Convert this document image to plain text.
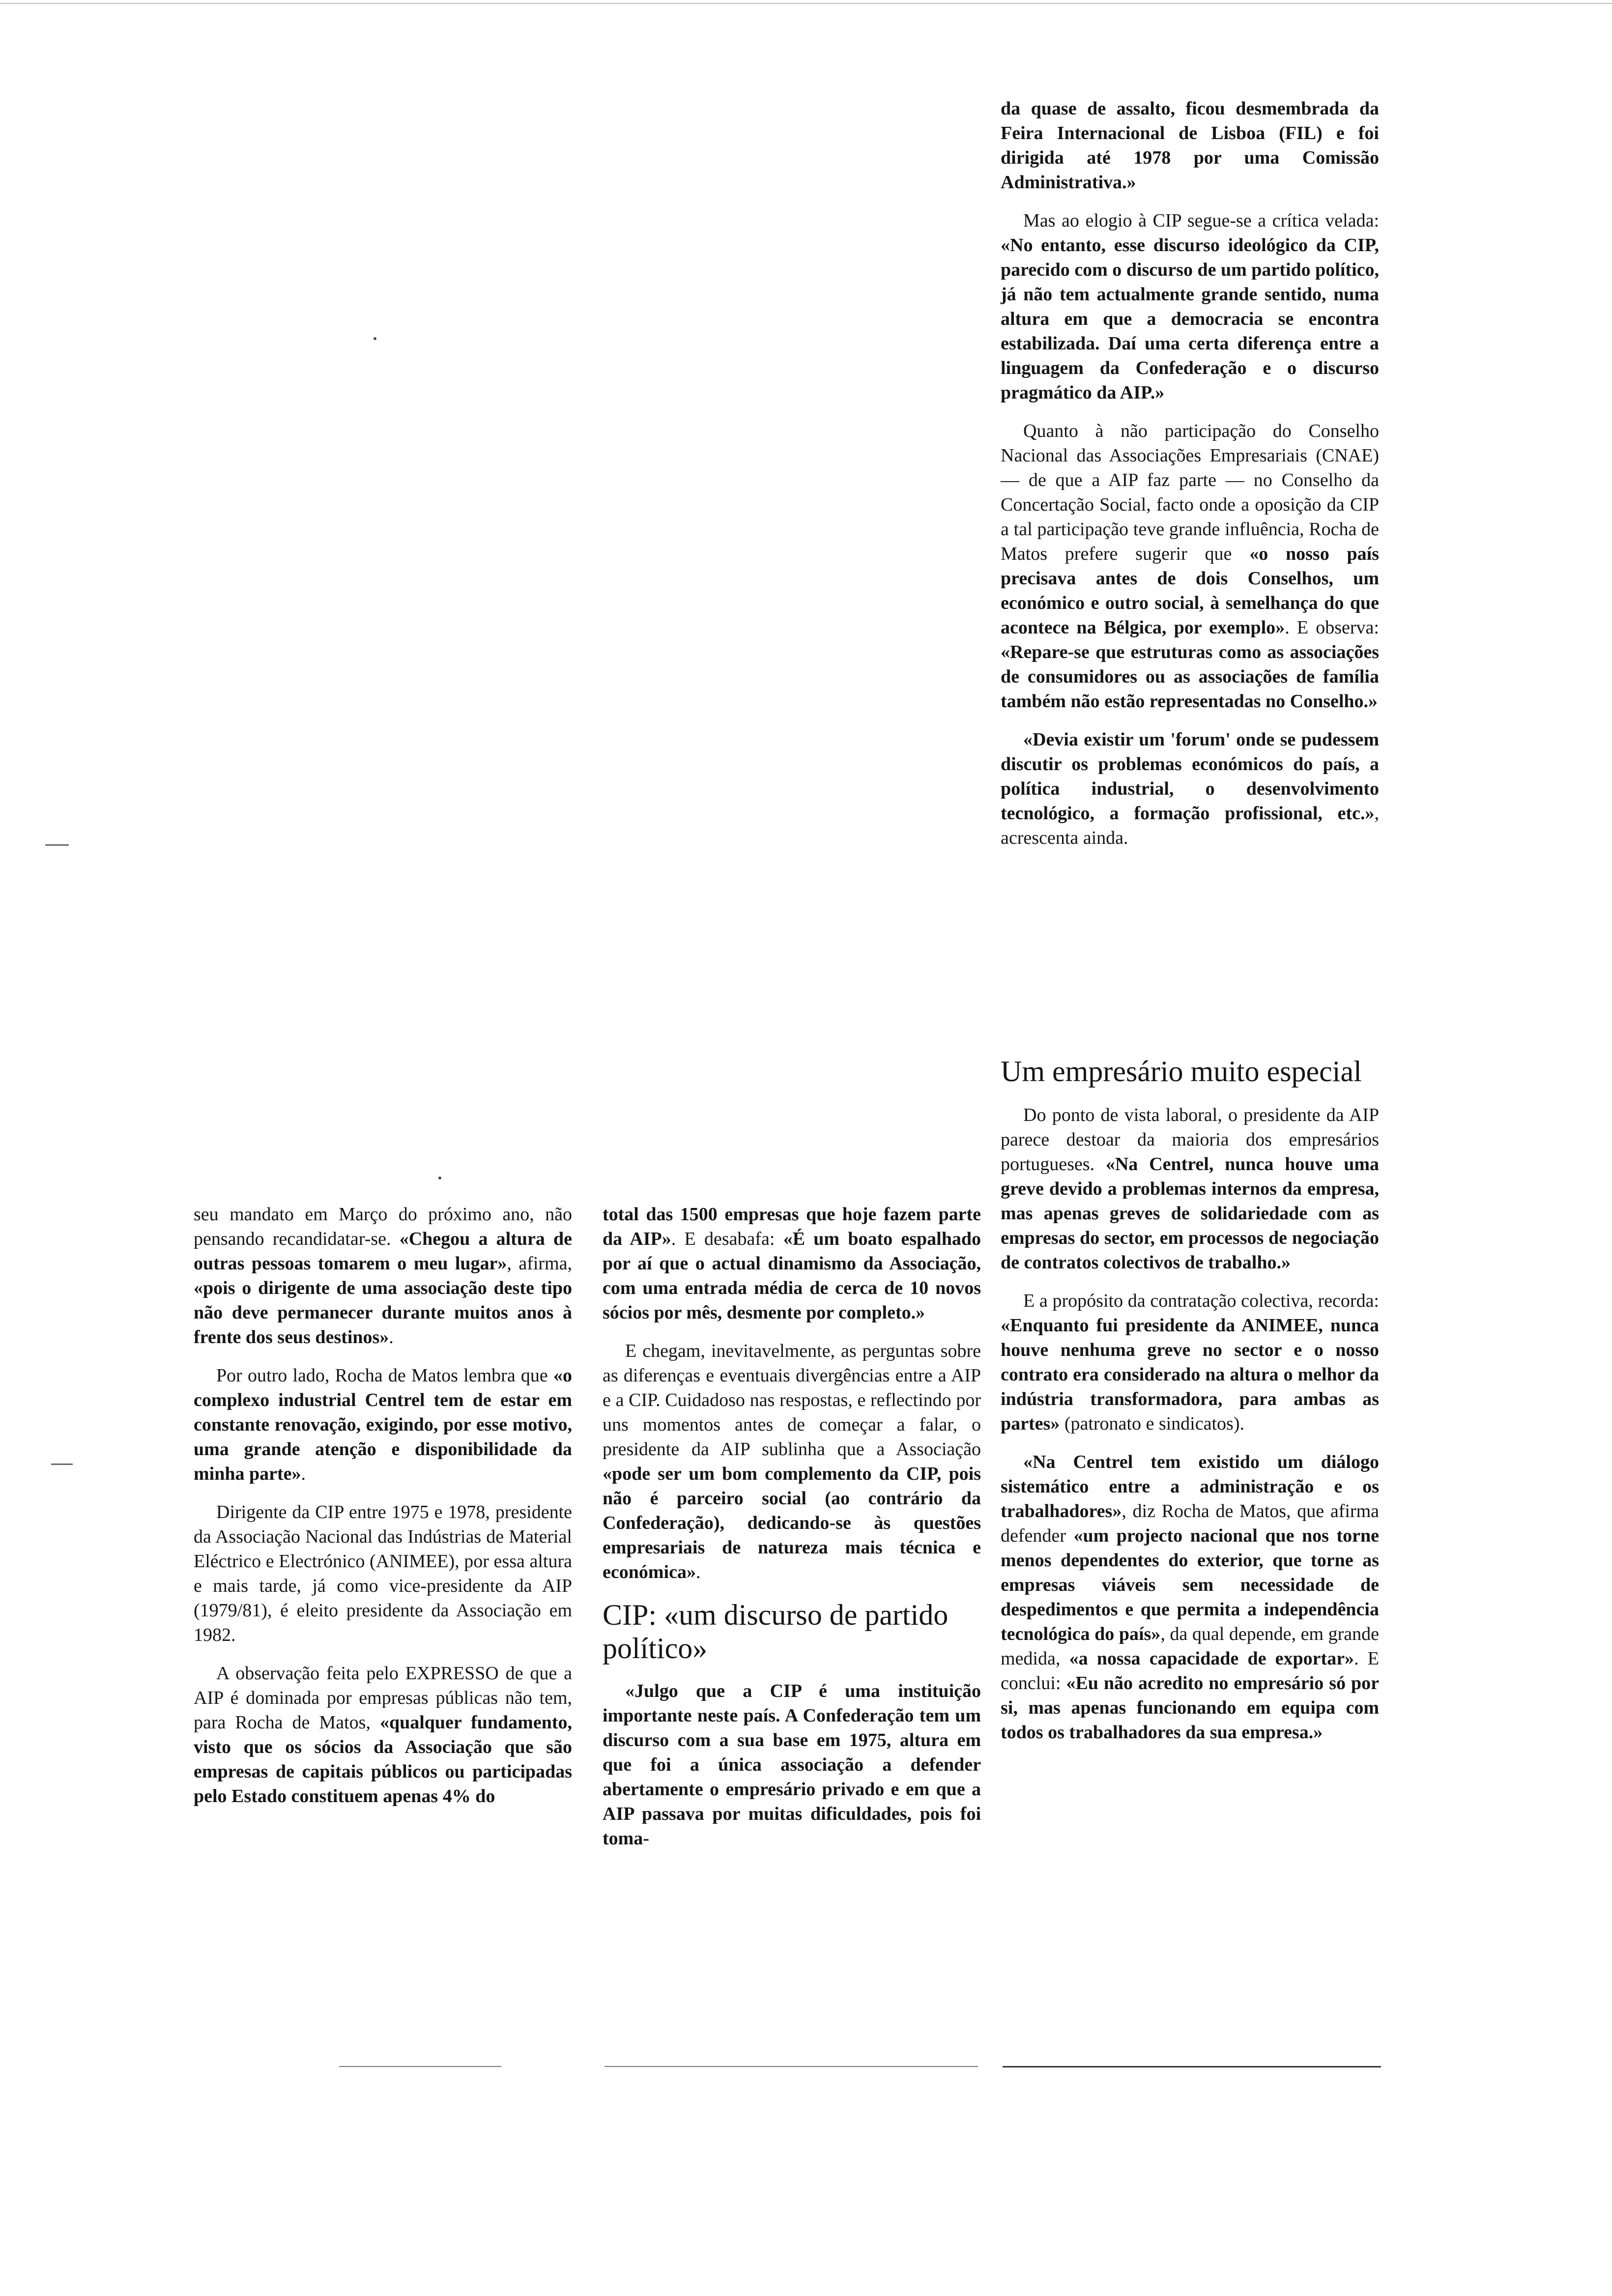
da quase de assalto, ficou desmembrada da Feira Internacional de Lisboa (FIL) e foi dirigida até 1978 por uma Comissão Administrativa.»

Mas ao elogio à CIP segue-se a crítica velada: «No entanto, esse discurso ideológico da CIP, parecido com o discurso de um partido político, já não tem actualmente grande sentido, numa altura em que a democracia se encontra estabilizada. Daí uma certa diferença entre a linguagem da Confederação e o discurso pragmático da AIP.»

Quanto à não participação do Conselho Nacional das Associações Empresariais (CNAE) — de que a AIP faz parte — no Conselho da Concertação Social, facto onde a oposição da CIP a tal participação teve grande influência, Rocha de Matos prefere sugerir que «o nosso país precisava antes de dois Conselhos, um económico e outro social, à semelhança do que acontece na Bélgica, por exemplo». E observa: «Repare-se que estruturas como as associações de consumidores ou as associações de família também não estão representadas no Conselho.»

«Devia existir um 'forum' onde se pudessem discutir os problemas económicos do país, a política industrial, o desenvolvimento tecnológico, a formação profissional, etc.», acrescenta ainda.

Um empresário muito especial

Do ponto de vista laboral, o presidente da AIP parece destoar da maioria dos empresários portugueses. «Na Centrel, nunca houve uma greve devido a problemas internos da empresa, mas apenas greves de solidariedade com as empresas do sector, em processos de negociação de contratos colectivos de trabalho.»

E a propósito da contratação colectiva, recorda: «Enquanto fui presidente da ANIMEE, nunca houve nenhuma greve no sector e o nosso contrato era considerado na altura o melhor da indústria transformadora, para ambas as partes» (patronato e sindicatos).

«Na Centrel tem existido um diálogo sistemático entre a administração e os trabalhadores», diz Rocha de Matos, que afirma defender «um projecto nacional que nos torne menos dependentes do exterior, que torne as empresas viáveis sem necessidade de despedimentos e que permita a independência tecnológica do país», da qual depende, em grande medida, «a nossa capacidade de exportar». E conclui: «Eu não acredito no empresário só por si, mas apenas funcionando em equipa com todos os trabalhadores da sua empresa.»

seu mandato em Março do próximo ano, não pensando recandidatar-se. «Chegou a altura de outras pessoas tomarem o meu lugar», afirma, «pois o dirigente de uma associação deste tipo não deve permanecer durante muitos anos à frente dos seus destinos».

Por outro lado, Rocha de Matos lembra que «o complexo industrial Centrel tem de estar em constante renovação, exigindo, por esse motivo, uma grande atenção e disponibilidade da minha parte».

Dirigente da CIP entre 1975 e 1978, presidente da Associação Nacional das Indústrias de Material Eléctrico e Electrónico (ANIMEE), por essa altura e mais tarde, já como vice-presidente da AIP (1979/81), é eleito presidente da Associação em 1982.

A observação feita pelo EXPRESSO de que a AIP é dominada por empresas públicas não tem, para Rocha de Matos, «qualquer fundamento, visto que os sócios da Associação que são empresas de capitais públicos ou participadas pelo Estado constituem apenas 4% do

total das 1500 empresas que hoje fazem parte da AIP». E desabafa: «É um boato espalhado por aí que o actual dinamismo da Associação, com uma entrada média de cerca de 10 novos sócios por mês, desmente por completo.»

E chegam, inevitavelmente, as perguntas sobre as diferenças e eventuais divergências entre a AIP e a CIP. Cuidadoso nas respostas, e reflectindo por uns momentos antes de começar a falar, o presidente da AIP sublinha que a Associação «pode ser um bom complemento da CIP, pois não é parceiro social (ao contrário da Confederação), dedicando-se às questões empresariais de natureza mais técnica e económica».

CIP: «um discurso de partido político»

«Julgo que a CIP é uma instituição importante neste país. A Confederação tem um discurso com a sua base em 1975, altura em que foi a única associação a defender abertamente o empresário privado e em que a AIP passava por muitas dificuldades, pois foi toma-
